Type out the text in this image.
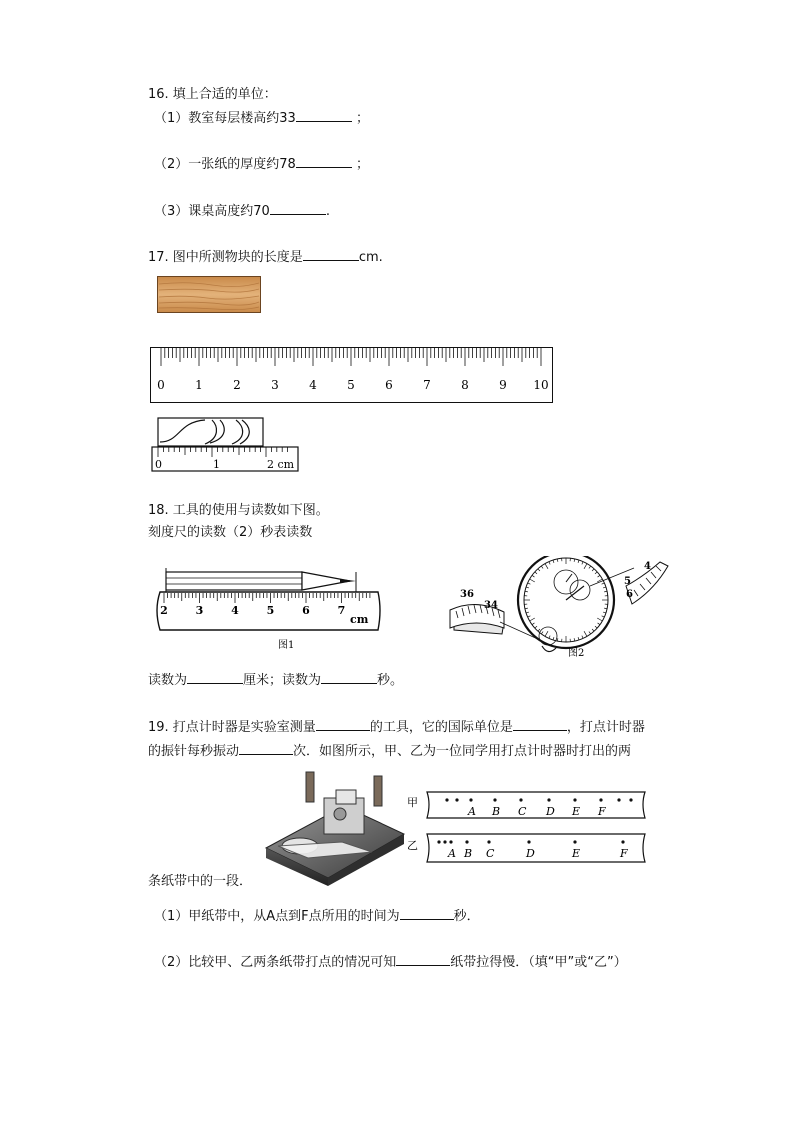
16. 填上合适的单位：
（1）教室每层楼高约33	；
（2）一张纸的厚度约78	；
（3）课桌高度约70	.
17. 图中所测物块的长度是	cm.
0	1	2	3	4	5	6	7	8	9 10
0	1	2 cm
18. 工具的使用与读数如下图。
刻度尺的读数（2）秒表读数
2	3	4	5	6	7
cm
图1
36
34
4
5
6
图2
读数为	厘米；读数为	秒。
19. 打点计时器是实验室测量	的工具，它的国际单位是	，打点计时器
的振针每秒振动	次．如图所示，甲、乙为一位同学用打点计时器时打出的两
甲
乙
A B C D E F
A B C	D	E	F
条纸带中的一段．
（1）甲纸带中，从A点到F点所用的时间为	秒．
（2）比较甲、乙两条纸带打点的情况可知	纸带拉得慢．（填“甲”或“乙”）
